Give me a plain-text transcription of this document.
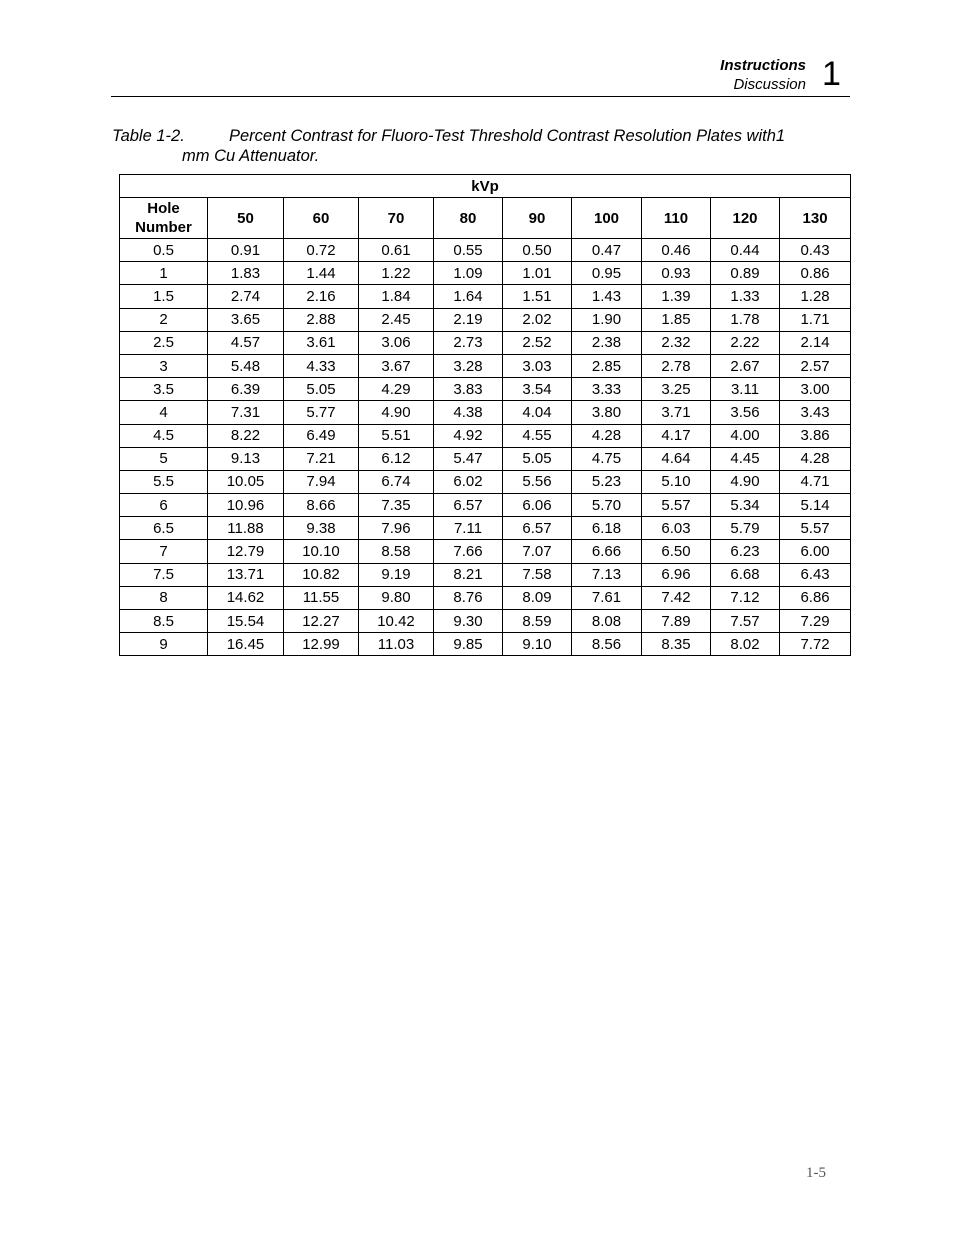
Instructions
Discussion 1
Table 1-2.	Percent Contrast for Fluoro-Test Threshold Contrast Resolution Plates with1
mm Cu Attenuator.
kVp									
Hole Number	50	60	70	80	90	100	110	120	130
0.5	0.91	0.72	0.61	0.55	0.50	0.47	0.46	0.44	0.43
1	1.83	1.44	1.22	1.09	1.01	0.95	0.93	0.89	0.86
1.5	2.74	2.16	1.84	1.64	1.51	1.43	1.39	1.33	1.28
2	3.65	2.88	2.45	2.19	2.02	1.90	1.85	1.78	1.71
2.5	4.57	3.61	3.06	2.73	2.52	2.38	2.32	2.22	2.14
3	5.48	4.33	3.67	3.28	3.03	2.85	2.78	2.67	2.57
3.5	6.39	5.05	4.29	3.83	3.54	3.33	3.25	3.11	3.00
4	7.31	5.77	4.90	4.38	4.04	3.80	3.71	3.56	3.43
4.5	8.22	6.49	5.51	4.92	4.55	4.28	4.17	4.00	3.86
5	9.13	7.21	6.12	5.47	5.05	4.75	4.64	4.45	4.28
5.5	10.05	7.94	6.74	6.02	5.56	5.23	5.10	4.90	4.71
6	10.96	8.66	7.35	6.57	6.06	5.70	5.57	5.34	5.14
6.5	11.88	9.38	7.96	7.11	6.57	6.18	6.03	5.79	5.57
7	12.79	10.10	8.58	7.66	7.07	6.66	6.50	6.23	6.00
7.5	13.71	10.82	9.19	8.21	7.58	7.13	6.96	6.68	6.43
8	14.62	11.55	9.80	8.76	8.09	7.61	7.42	7.12	6.86
8.5	15.54	12.27	10.42	9.30	8.59	8.08	7.89	7.57	7.29
9	16.45	12.99	11.03	9.85	9.10	8.56	8.35	8.02	7.72
1-5
